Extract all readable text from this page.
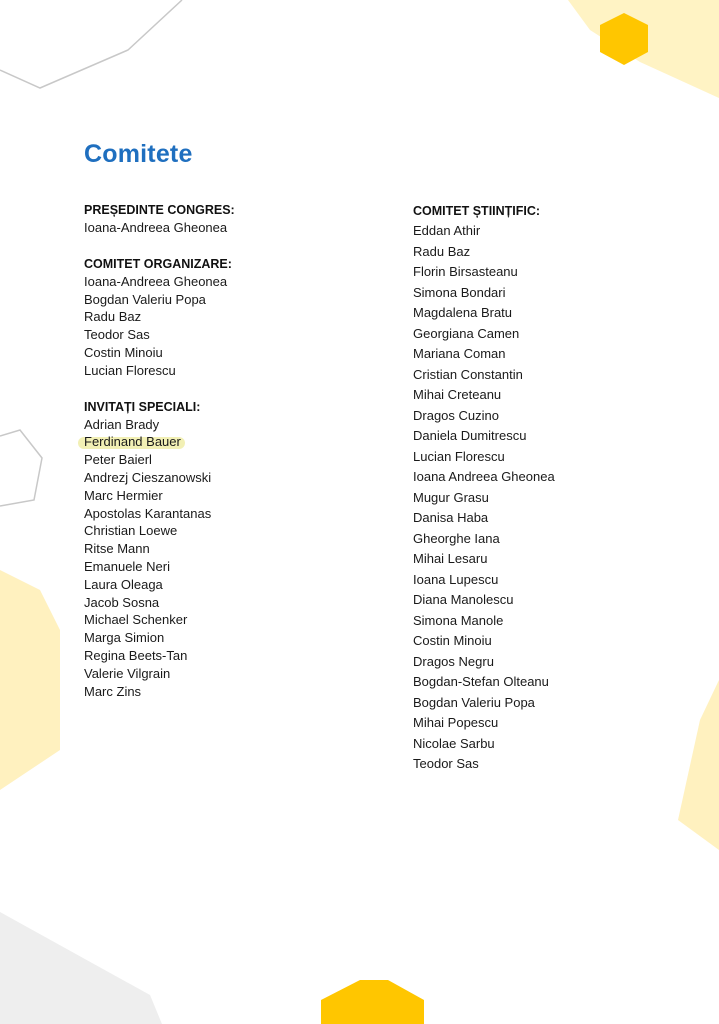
Comitete
PREȘEDINTE CONGRES:
Ioana-Andreea Gheonea
COMITET ORGANIZARE:
Ioana-Andreea Gheonea
Bogdan Valeriu Popa
Radu Baz
Teodor Sas
Costin Minoiu
Lucian Florescu
INVITAȚI SPECIALI:
Adrian Brady
Ferdinand Bauer
Peter Baierl
Andrezj Cieszanowski
Marc Hermier
Apostolas Karantanas
Christian Loewe
Ritse Mann
Emanuele Neri
Laura Oleaga
Jacob Sosna
Michael Schenker
Marga Simion
Regina Beets-Tan
Valerie Vilgrain
Marc Zins
COMITET ȘTIINȚIFIC:
Eddan Athir
Radu Baz
Florin Birsasteanu
Simona Bondari
Magdalena Bratu
Georgiana Camen
Mariana Coman
Cristian Constantin
Mihai Creteanu
Dragos Cuzino
Daniela Dumitrescu
Lucian Florescu
Ioana Andreea Gheonea
Mugur Grasu
Danisa Haba
Gheorghe Iana
Mihai Lesaru
Ioana Lupescu
Diana Manolescu
Simona Manole
Costin Minoiu
Dragos Negru
Bogdan-Stefan Olteanu
Bogdan Valeriu Popa
Mihai Popescu
Nicolae Sarbu
Teodor Sas
